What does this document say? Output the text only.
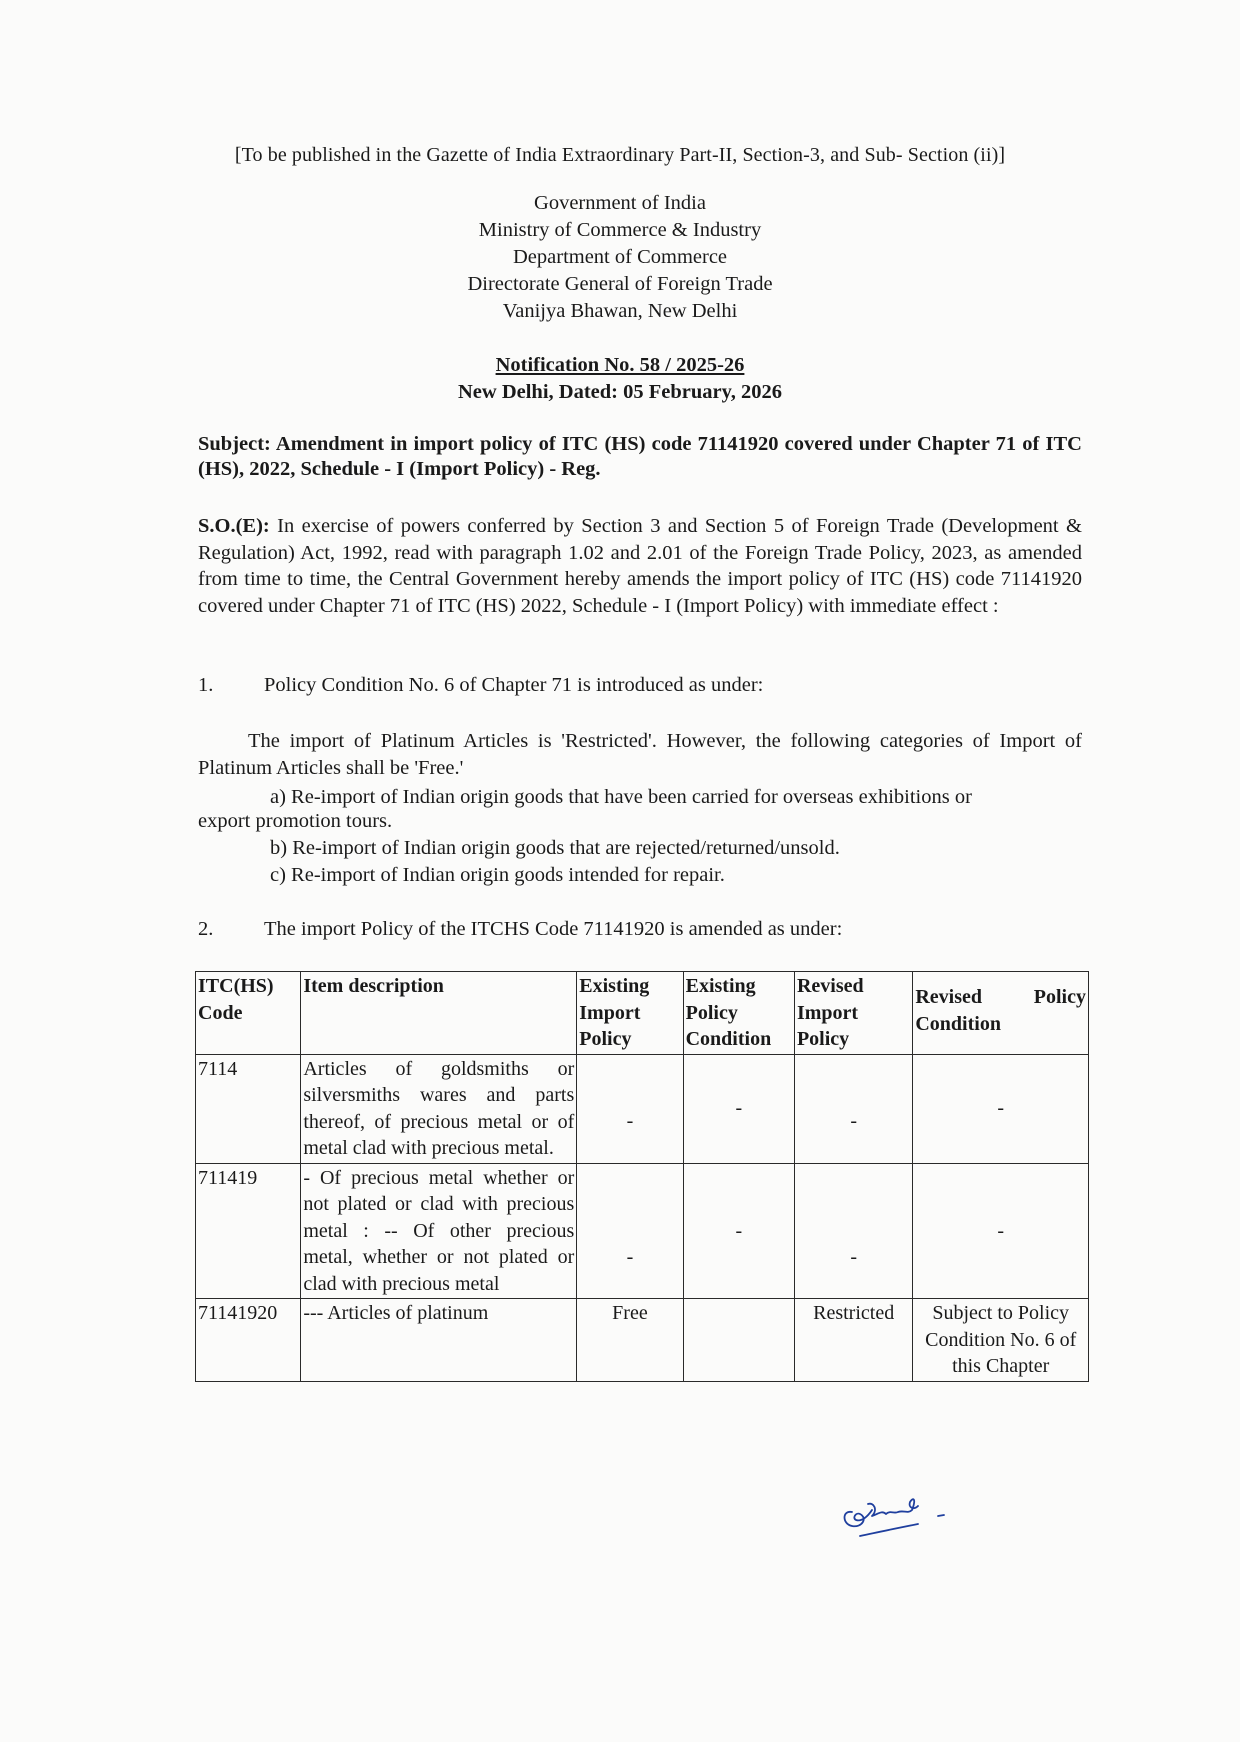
[To be published in the Gazette of India Extraordinary Part-II, Section-3, and Sub- Section (ii)]
Government of India
Ministry of Commerce & Industry
Department of Commerce
Directorate General of Foreign Trade
Vanijya Bhawan, New Delhi
Notification No. 58 / 2025-26
New Delhi, Dated: 05 February, 2026
Subject: Amendment in import policy of ITC (HS) code 71141920 covered under Chapter 71 of ITC (HS), 2022, Schedule - I (Import Policy) - Reg.
S.O.(E): In exercise of powers conferred by Section 3 and Section 5 of Foreign Trade (Development & Regulation) Act, 1992, read with paragraph 1.02 and 2.01 of the Foreign Trade Policy, 2023, as amended from time to time, the Central Government hereby amends the import policy of ITC (HS) code 71141920 covered under Chapter 71 of ITC (HS) 2022, Schedule - I (Import Policy) with immediate effect :
1. Policy Condition No. 6 of Chapter 71 is introduced as under:
The import of Platinum Articles is 'Restricted'. However, the following categories of Import of Platinum Articles shall be 'Free.'
a) Re-import of Indian origin goods that have been carried for overseas exhibitions or
export promotion tours.
b) Re-import of Indian origin goods that are rejected/returned/unsold.
c) Re-import of Indian origin goods intended for repair.
2. The import Policy of the ITCHS Code 71141920 is amended as under:
ITC(HS) Code	Item description	Existing Import Policy	Existing Policy Condition	Revised Import Policy	Revised Policy
Condition

7114	Articles of goldsmiths or silversmiths wares and parts thereof, of precious metal or of metal clad with precious metal.	-	-	-	-
711419	- Of precious metal whether or not plated or clad with precious metal : -- Of other precious metal, whether or not plated or clad with precious metal	-	-	-	-
71141920	--- Articles of platinum	Free		Restricted	Subject to Policy Condition No. 6 of this Chapter
